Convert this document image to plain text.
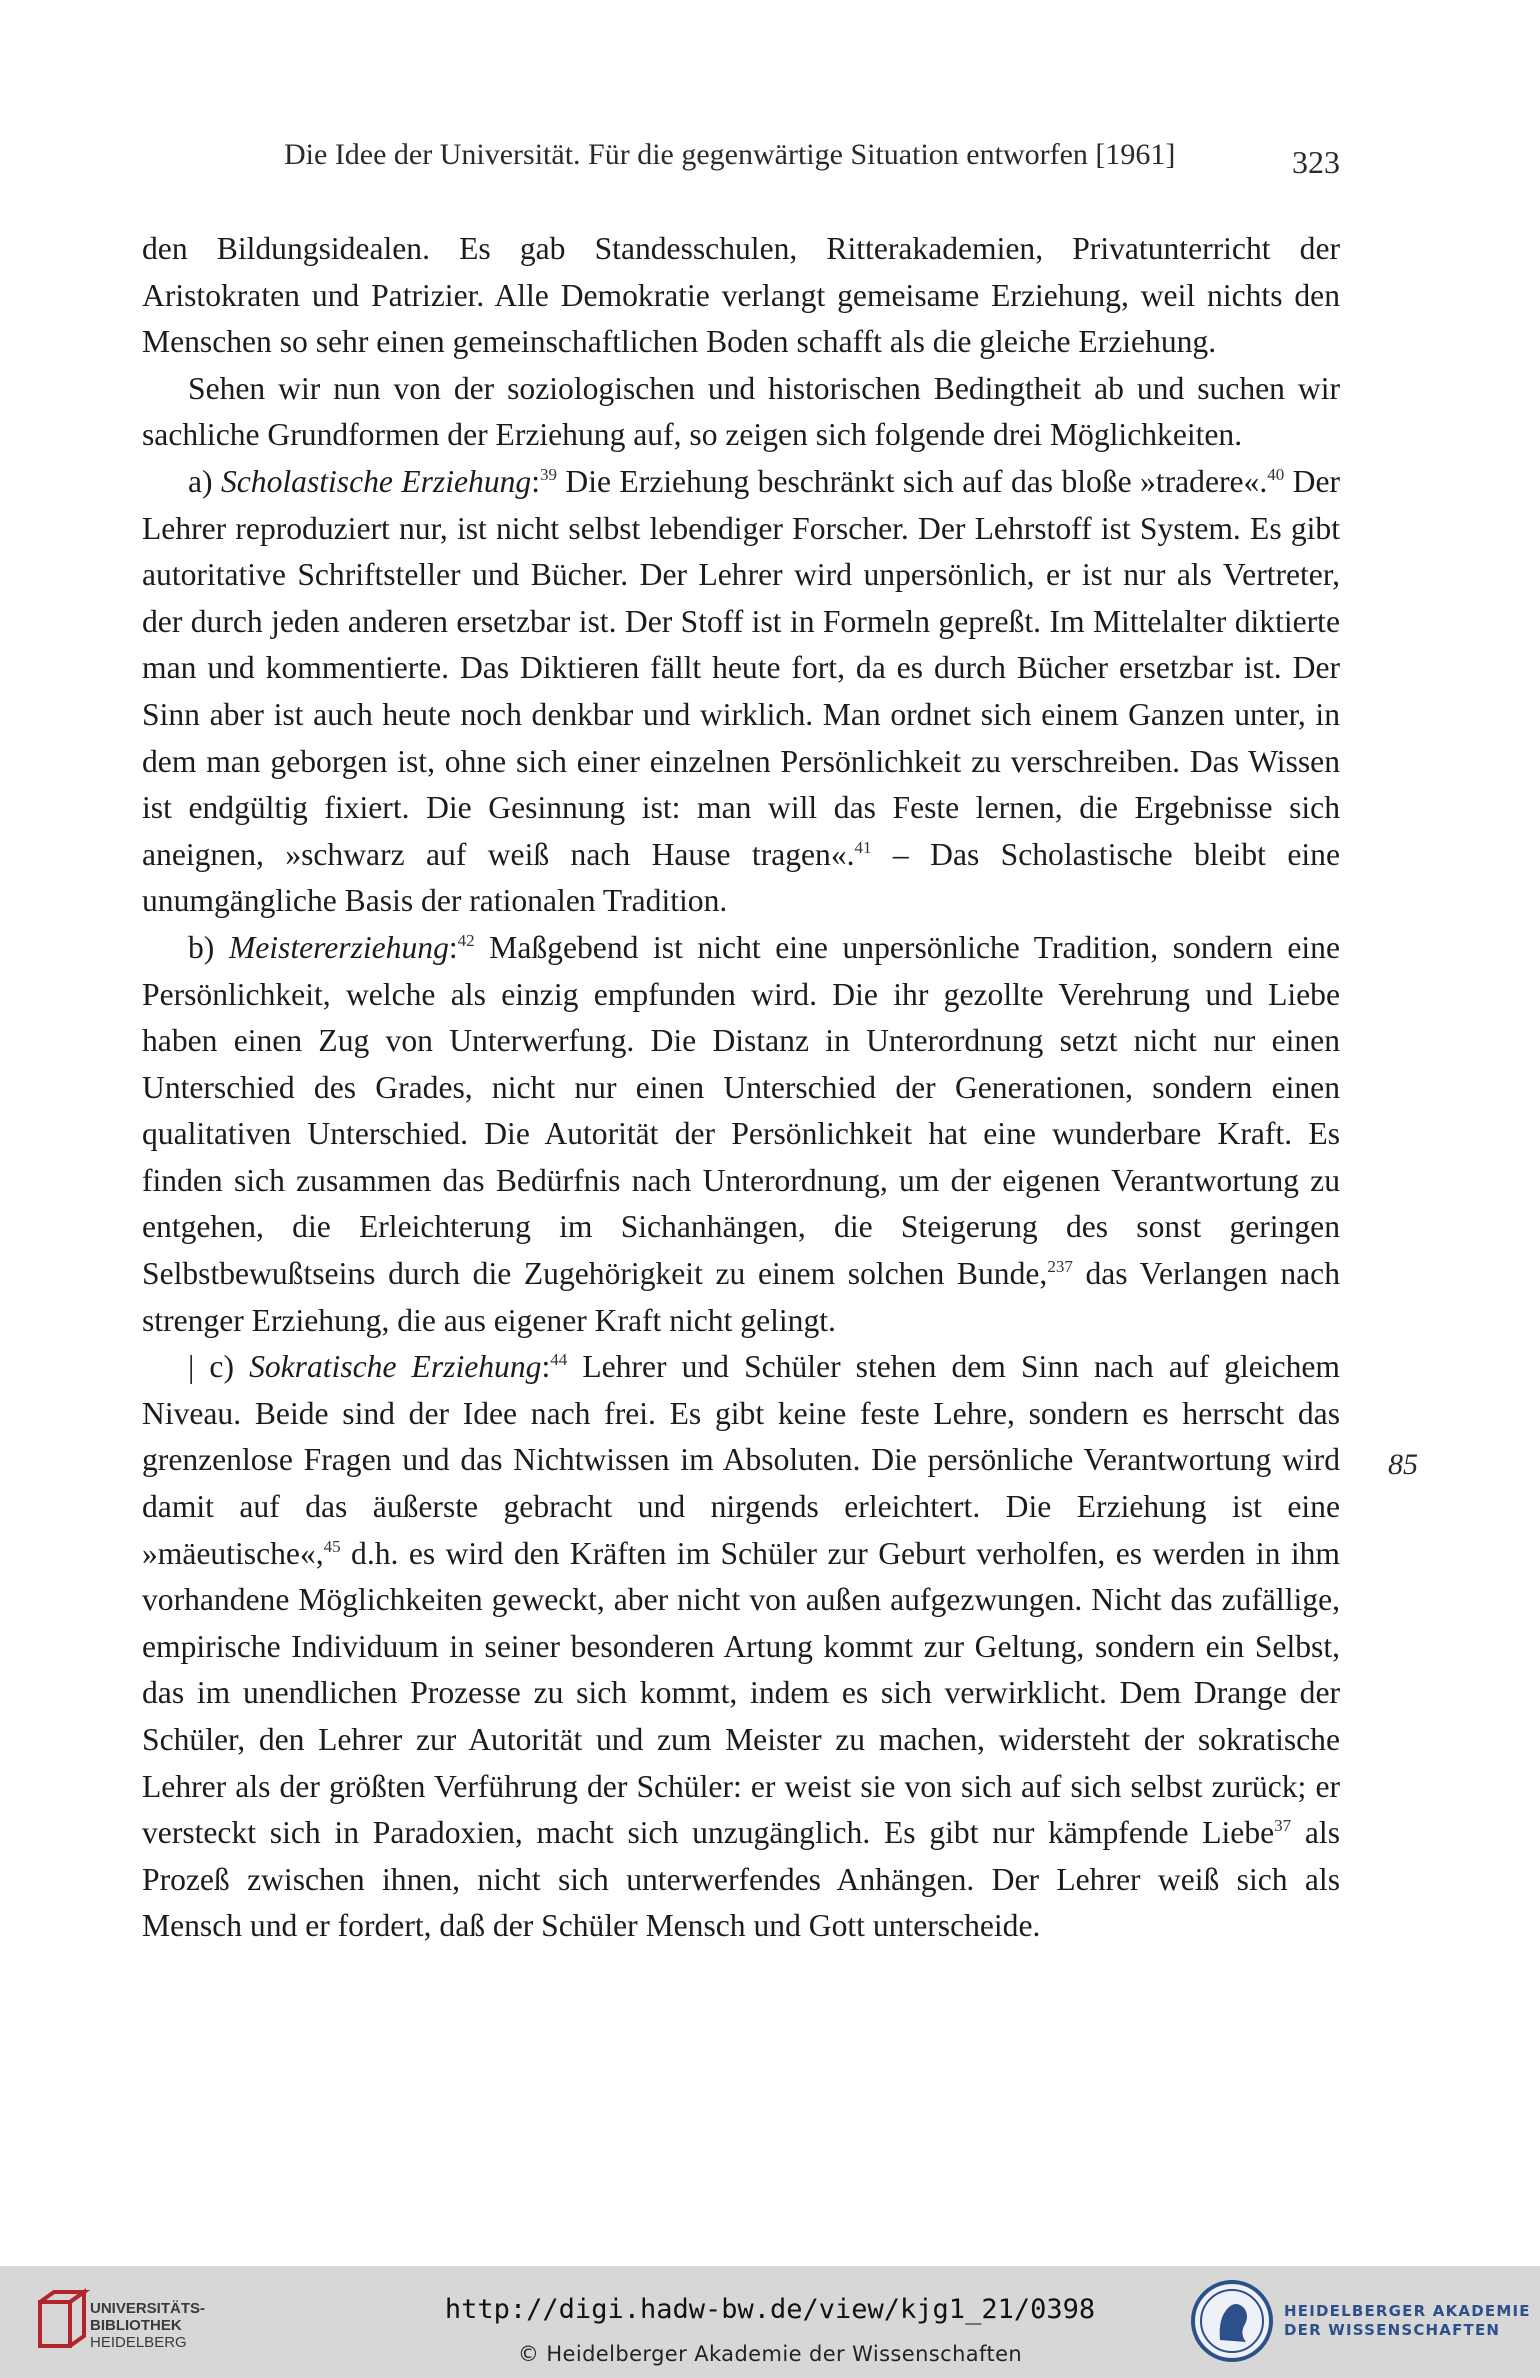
Die Idee der Universität. Für die gegenwärtige Situation entworfen [1961]	323
85

den Bildungsidealen. Es gab Standesschulen, Ritterakademien, Privatunterricht der Aristokraten und Patrizier. Alle Demokratie verlangt gemeisame Erziehung, weil nichts den Menschen so sehr einen gemeinschaftlichen Boden schafft als die gleiche Erziehung.

Sehen wir nun von der soziologischen und historischen Bedingtheit ab und suchen wir sachliche Grundformen der Erziehung auf, so zeigen sich folgende drei Möglichkeiten.

a) Scholastische Erziehung:$^{39}$ Die Erziehung beschränkt sich auf das bloße »tradere«.$^{40}$ Der Lehrer reproduziert nur, ist nicht selbst lebendiger Forscher. Der Lehrstoff ist System. Es gibt autoritative Schriftsteller und Bücher. Der Lehrer wird unpersönlich, er ist nur als Vertreter, der durch jeden anderen ersetzbar ist. Der Stoff ist in Formeln gepreßt. Im Mittelalter diktierte man und kommentierte. Das Diktieren fällt heute fort, da es durch Bücher ersetzbar ist. Der Sinn aber ist auch heute noch denkbar und wirklich. Man ordnet sich einem Ganzen unter, in dem man geborgen ist, ohne sich einer einzelnen Persönlichkeit zu verschreiben. Das Wissen ist endgültig fixiert. Die Gesinnung ist: man will das Feste lernen, die Ergebnisse sich aneignen, »schwarz auf weiß nach Hause tragen«.$^{41}$ – Das Scholastische bleibt eine unumgängliche Basis der rationalen Tradition.

b) Meistererziehung:$^{42}$ Maßgebend ist nicht eine unpersönliche Tradition, sondern eine Persönlichkeit, welche als einzig empfunden wird. Die ihr gezollte Verehrung und Liebe haben einen Zug von Unterwerfung. Die Distanz in Unterordnung setzt nicht nur einen Unterschied des Grades, nicht nur einen Unterschied der Generationen, sondern einen qualitativen Unterschied. Die Autorität der Persönlichkeit hat eine wunderbare Kraft. Es finden sich zusammen das Bedürfnis nach Unterordnung, um der eigenen Verantwortung zu entgehen, die Erleichterung im Sichanhängen, die Steigerung des sonst geringen Selbstbewußtseins durch die Zugehörigkeit zu einem solchen Bunde,$^{237}$ das Verlangen nach strenger Erziehung, die aus eigener Kraft nicht gelingt.

| c) Sokratische Erziehung:$^{44}$ Lehrer und Schüler stehen dem Sinn nach auf gleichem Niveau. Beide sind der Idee nach frei. Es gibt keine feste Lehre, sondern es herrscht das grenzenlose Fragen und das Nichtwissen im Absoluten. Die persönliche Verantwortung wird damit auf das äußerste gebracht und nirgends erleichtert. Die Erziehung ist eine »mäeutische«,$^{45}$ d.h. es wird den Kräften im Schüler zur Geburt verholfen, es werden in ihm vorhandene Möglichkeiten geweckt, aber nicht von außen aufgezwungen. Nicht das zufällige, empirische Individuum in seiner besonderen Artung kommt zur Geltung, sondern ein Selbst, das im unendlichen Prozesse zu sich kommt, indem es sich verwirklicht. Dem Drange der Schüler, den Lehrer zur Autorität und zum Meister zu machen, widersteht der sokratische Lehrer als der größten Verführung der Schüler: er weist sie von sich auf sich selbst zurück; er versteckt sich in Paradoxien, macht sich unzugänglich. Es gibt nur kämpfende Liebe$^{37}$ als Prozeß zwischen ihnen, nicht sich unterwerfendes Anhängen. Der Lehrer weiß sich als Mensch und er fordert, daß der Schüler Mensch und Gott unterscheide.

UNIVERSITÄTS-
BIBLIOTHEK
HEIDELBERG
http://digi.hadw-bw.de/view/kjg1_21/0398
© Heidelberger Akademie der Wissenschaften
HEIDELBERGER AKADEMIE
DER WISSENSCHAFTEN
